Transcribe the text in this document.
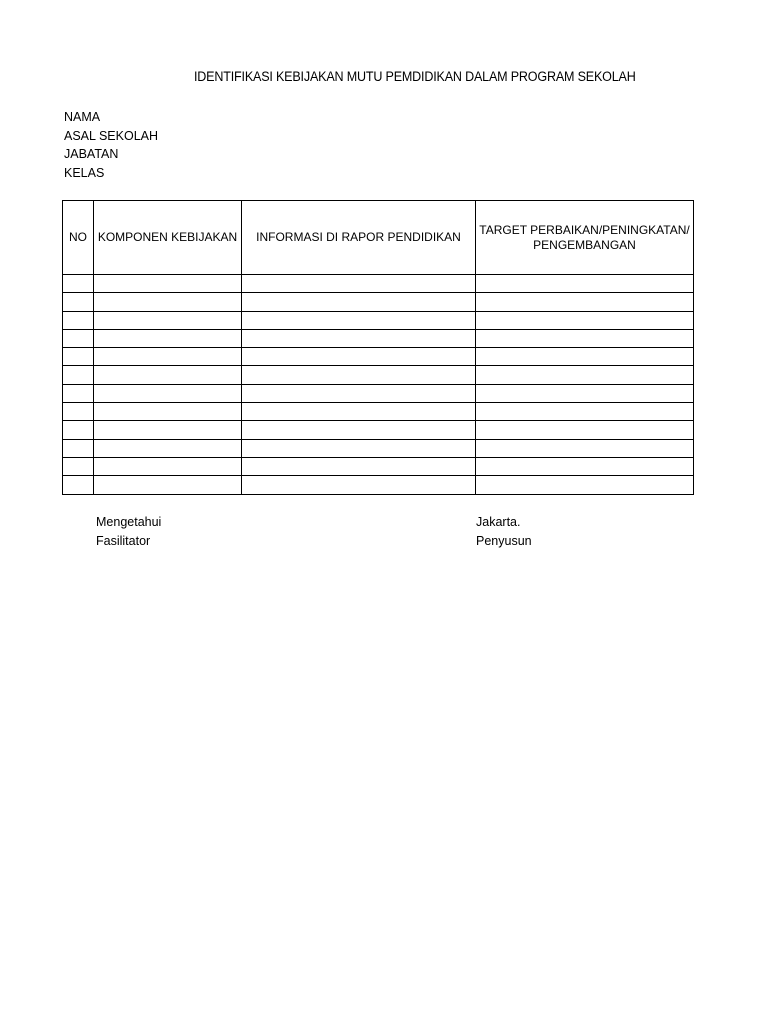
IDENTIFIKASI KEBIJAKAN MUTU PEMDIDIKAN DALAM PROGRAM SEKOLAH
NAMA
ASAL SEKOLAH
JABATAN
KELAS
NO	KOMPONEN KEBIJAKAN	INFORMASI DI RAPOR PENDIDIKAN	TARGET PERBAIKAN/PENINGKATAN/PENGEMBANGAN

Mengetahui
Fasilitator
Jakarta.
Penyusun
